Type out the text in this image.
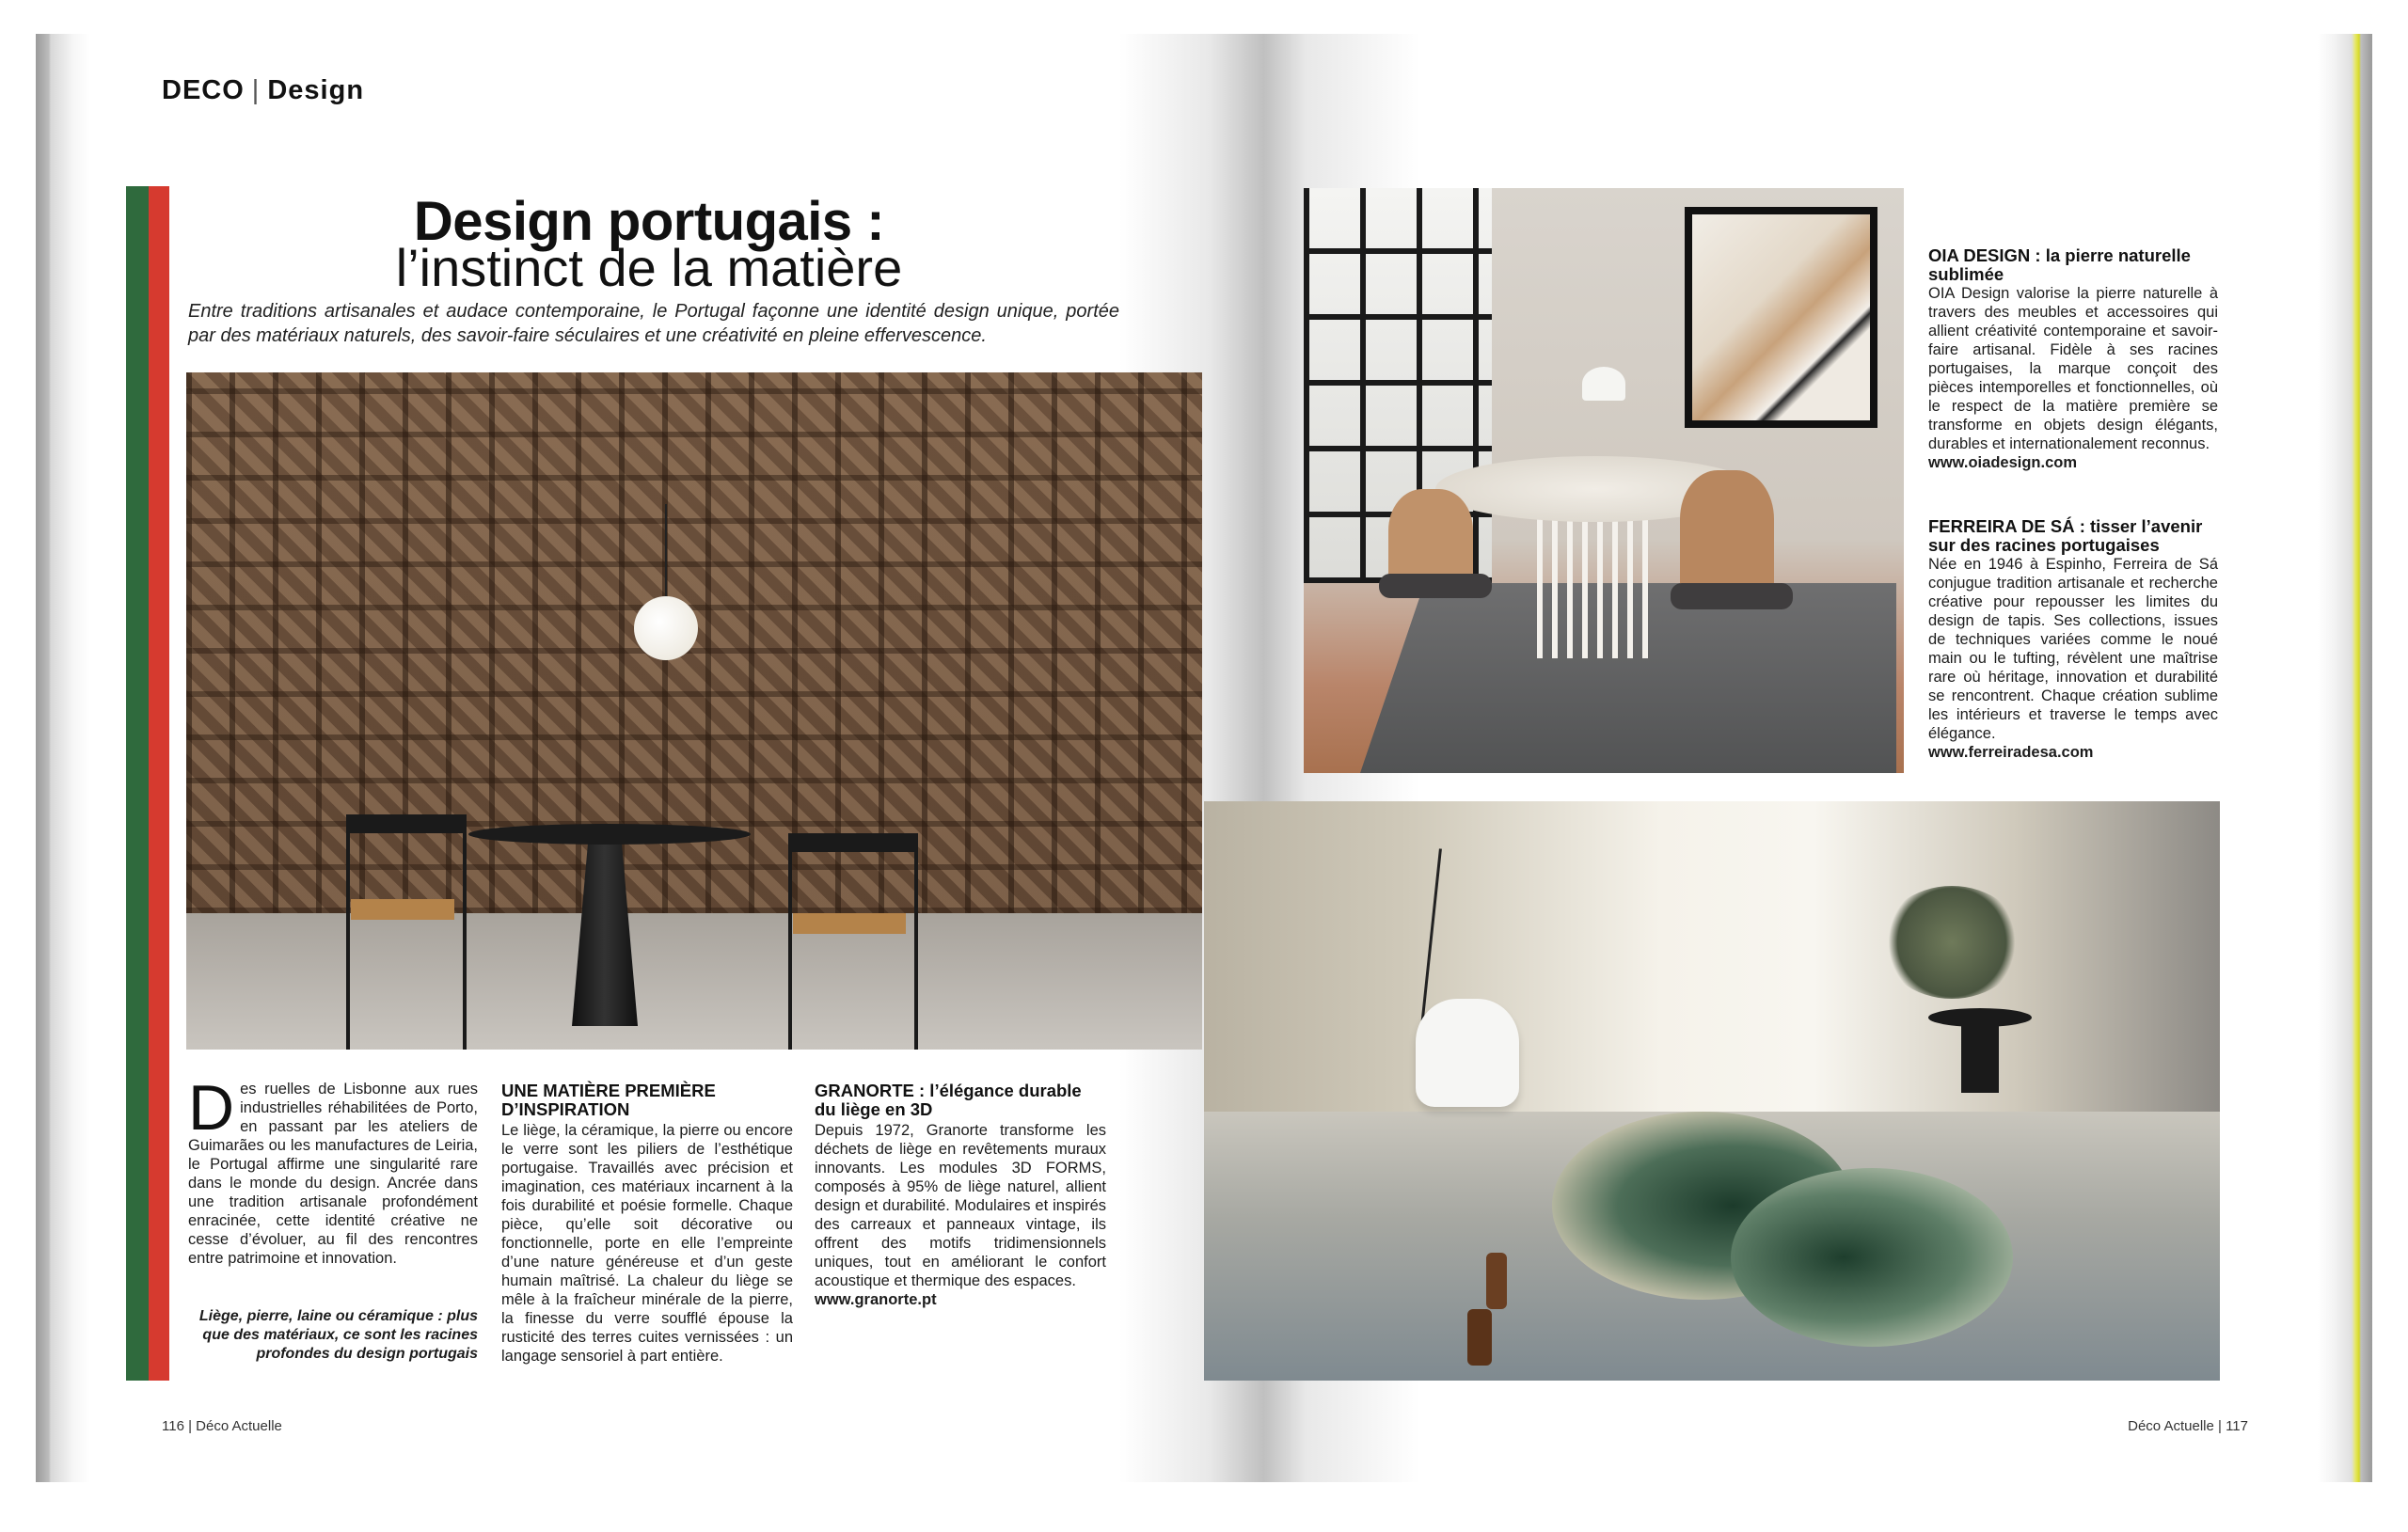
DECO | Design
Design portugais :
l’instinct de la matière
Entre traditions artisanales et audace contemporaine, le Portugal façonne une identité design unique, portée par des matériaux naturels, des savoir-faire séculaires et une créativité en pleine effervescence.
Des ruelles de Lisbonne aux rues industrielles réhabilitées de Porto, en passant par les ateliers de Guimarães ou les manufactures de Leiria, le Portugal affirme une singularité rare dans le monde du design. Ancrée dans une tradition artisanale profondément enracinée, cette identité créative ne cesse d’évoluer, au fil des rencontres entre patrimoine et innovation.
Liège, pierre, laine ou céramique : plus que des matériaux, ce sont les racines profondes du design portugais
UNE MATIÈRE PREMIÈRE D’INSPIRATION
Le liège, la céramique, la pierre ou encore le verre sont les piliers de l’esthétique portugaise. Travaillés avec précision et imagination, ces matériaux incarnent à la fois durabilité et poésie formelle. Chaque pièce, qu’elle soit décorative ou fonctionnelle, porte en elle l’empreinte d’une nature généreuse et d’un geste humain maîtrisé. La chaleur du liège se mêle à la fraîcheur minérale de la pierre, la finesse du verre soufflé épouse la rusticité des terres cuites vernissées : un langage sensoriel à part entière.
GRANORTE : l’élégance durable du liège en 3D
Depuis 1972, Granorte transforme les déchets de liège en revêtements muraux innovants. Les modules 3D FORMS, composés à 95% de liège naturel, allient design et durabilité. Modulaires et inspirés des carreaux et panneaux vintage, ils offrent des motifs tridimensionnels uniques, tout en améliorant le confort acoustique et thermique des espaces.
www.granorte.pt
OIA DESIGN : la pierre naturelle sublimée
OIA Design valorise la pierre naturelle à travers des meubles et accessoires qui allient créativité contemporaine et savoir-faire artisanal. Fidèle à ses racines portugaises, la marque conçoit des pièces intemporelles et fonctionnelles, où le respect de la matière première se transforme en objets design élégants, durables et internationalement reconnus.
www.oiadesign.com
FERREIRA DE SÁ : tisser l’avenir sur des racines portugaises
Née en 1946 à Espinho, Ferreira de Sá conjugue tradition artisanale et recherche créative pour repousser les limites du design de tapis. Ses collections, issues de techniques variées comme le noué main ou le tufting, révèlent une maîtrise rare où héritage, innovation et durabilité se rencontrent. Chaque création sublime les intérieurs et traverse le temps avec élégance.
www.ferreiradesa.com
116 | Déco Actuelle	Déco Actuelle | 117
